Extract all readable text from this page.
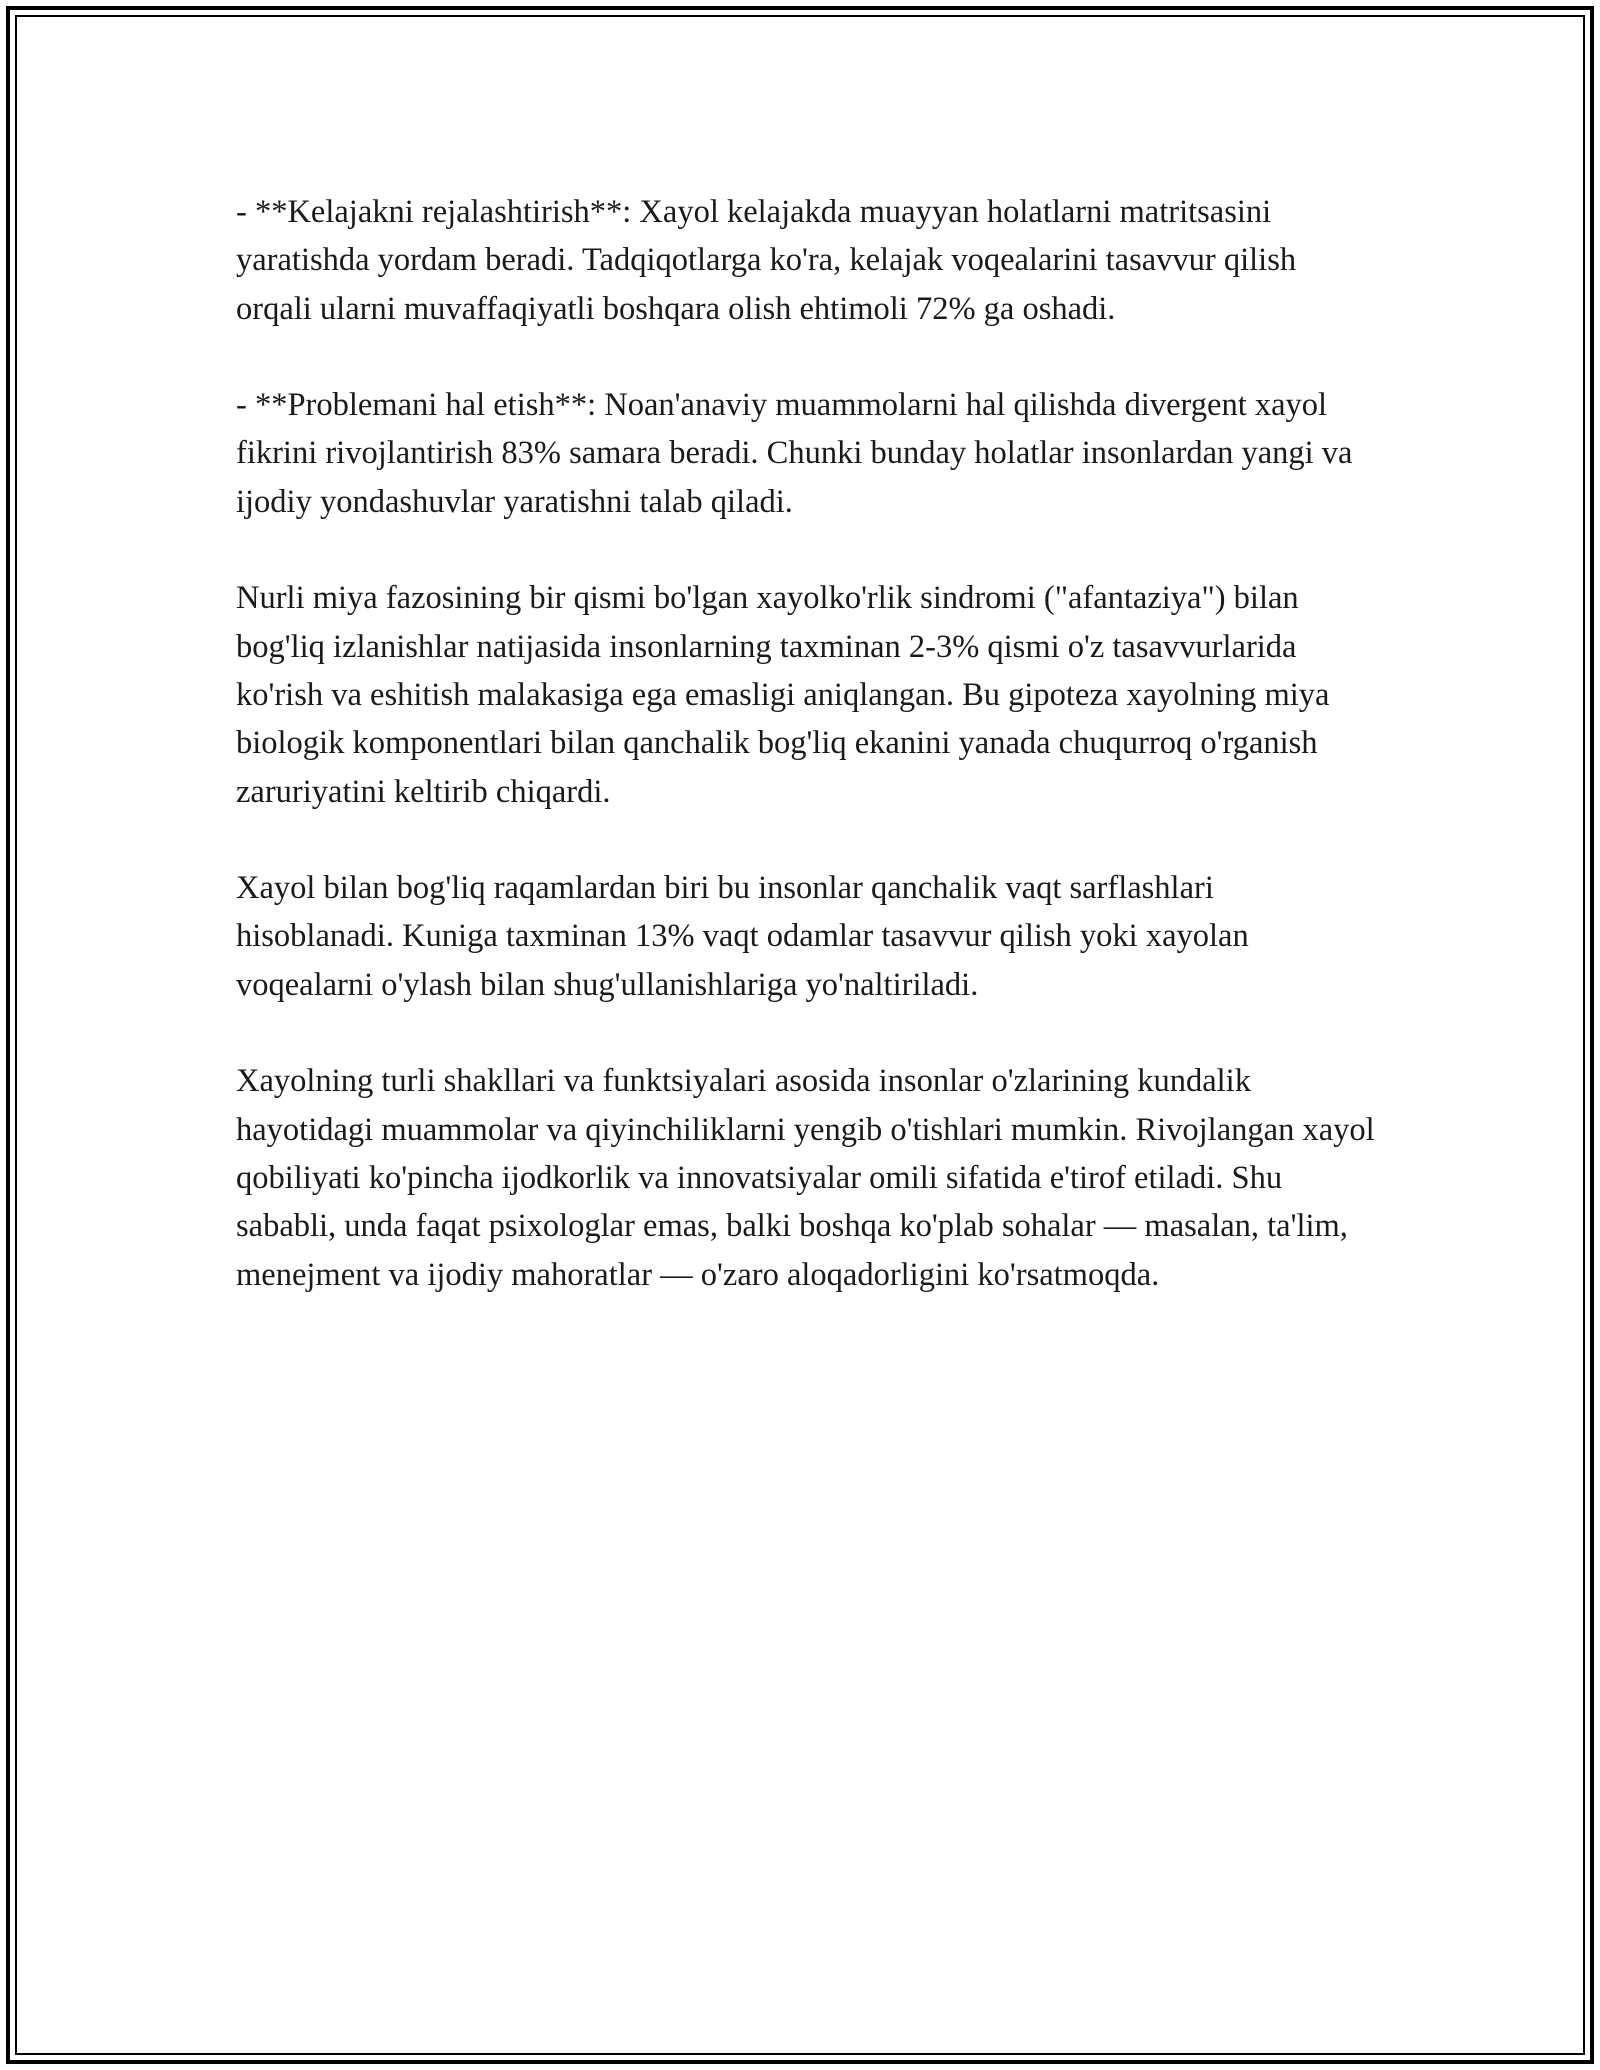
- **Kelajakni rejalashtirish**: Xayol kelajakda muayyan holatlarni matritsasini yaratishda yordam beradi. Tadqiqotlarga ko'ra, kelajak voqealarini tasavvur qilish orqali ularni muvaffaqiyatli boshqara olish ehtimoli 72% ga oshadi.

- **Problemani hal etish**: Noan'anaviy muammolarni hal qilishda divergent xayol fikrini rivojlantirish 83% samara beradi. Chunki bunday holatlar insonlardan yangi va ijodiy yondashuvlar yaratishni talab qiladi.

Nurli miya fazosining bir qismi bo'lgan xayolko'rlik sindromi ("afantaziya") bilan bog'liq izlanishlar natijasida insonlarning taxminan 2-3% qismi o'z tasavvurlarida ko'rish va eshitish malakasiga ega emasligi aniqlangan. Bu gipoteza xayolning miya biologik komponentlari bilan qanchalik bog'liq ekanini yanada chuqurroq o'rganish zaruriyatini keltirib chiqardi.

Xayol bilan bog'liq raqamlardan biri bu insonlar qanchalik vaqt sarflashlari hisoblanadi. Kuniga taxminan 13% vaqt odamlar tasavvur qilish yoki xayolan voqealarni o'ylash bilan shug'ullanishlariga yo'naltiriladi.

Xayolning turli shakllari va funktsiyalari asosida insonlar o'zlarining kundalik hayotidagi muammolar va qiyinchiliklarni yengib o'tishlari mumkin. Rivojlangan xayol qobiliyati ko'pincha ijodkorlik va innovatsiyalar omili sifatida e'tirof etiladi. Shu sababli, unda faqat psixologlar emas, balki boshqa ko'plab sohalar — masalan, ta'lim, menejment va ijodiy mahoratlar — o'zaro aloqadorligini ko'rsatmoqda.
